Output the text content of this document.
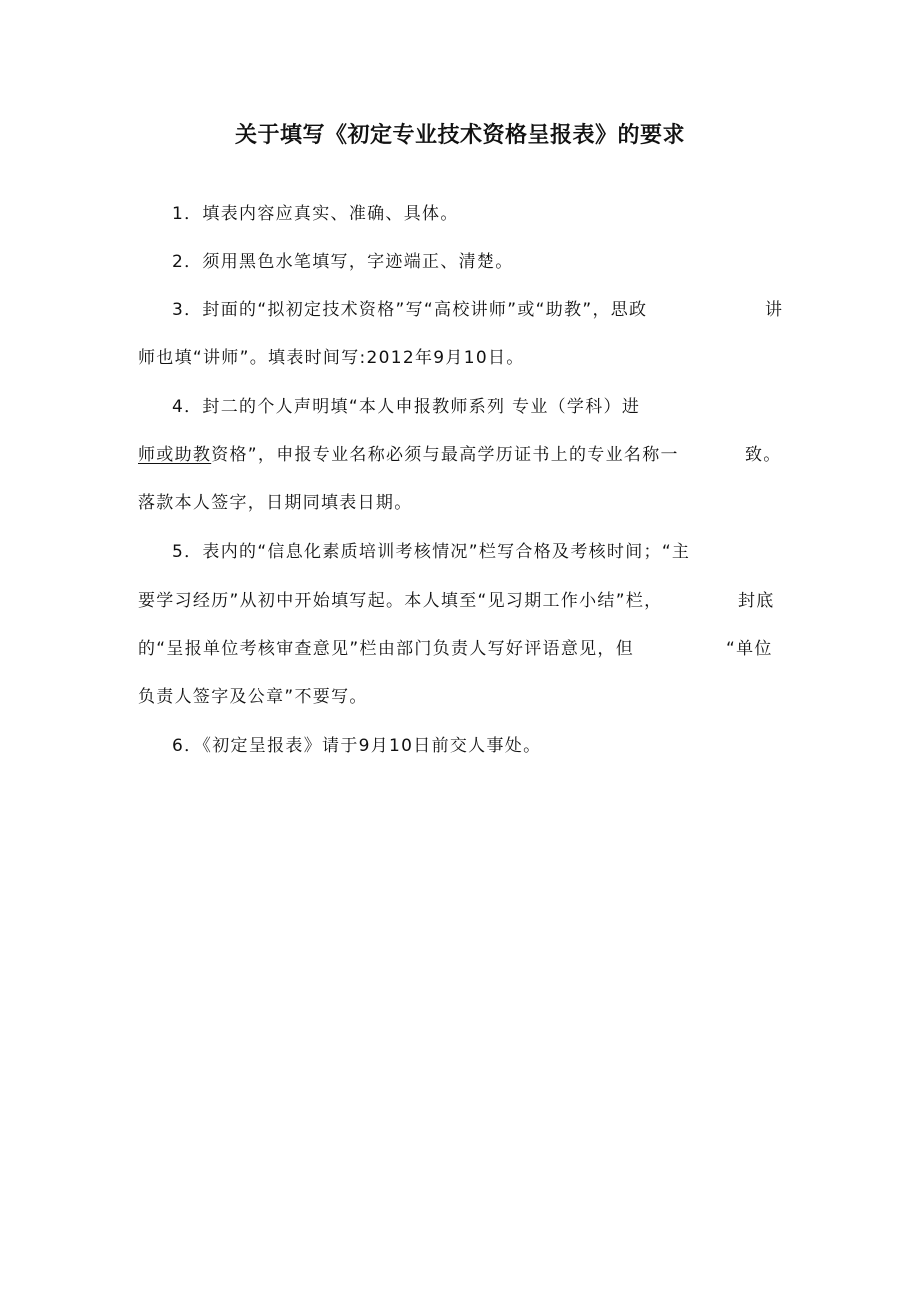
关于填写《初定专业技术资格呈报表》的要求
1．填表内容应真实、准确、具体。
2．须用黑色水笔填写，字迹端正、清楚。
3．封面的“拟初定技术资格”写“高校讲师”或“助教”，思政	讲
师也填“讲师”。填表时间写:2012年9月10日。
4．封二的个人声明填“本人申报教师系列 专业（学科）进
师或助教资格”，申报专业名称必须与最高学历证书上的专业名称一	致。
落款本人签字，日期同填表日期。
5．表内的“信息化素质培训考核情况”栏写合格及考核时间；“主
要学习经历”从初中开始填写起。本人填至“见习期工作小结”栏，	封底
的“呈报单位考核审查意见”栏由部门负责人写好评语意见，但	“单位
负责人签字及公章”不要写。
6．《初定呈报表》请于9月10日前交人事处。
